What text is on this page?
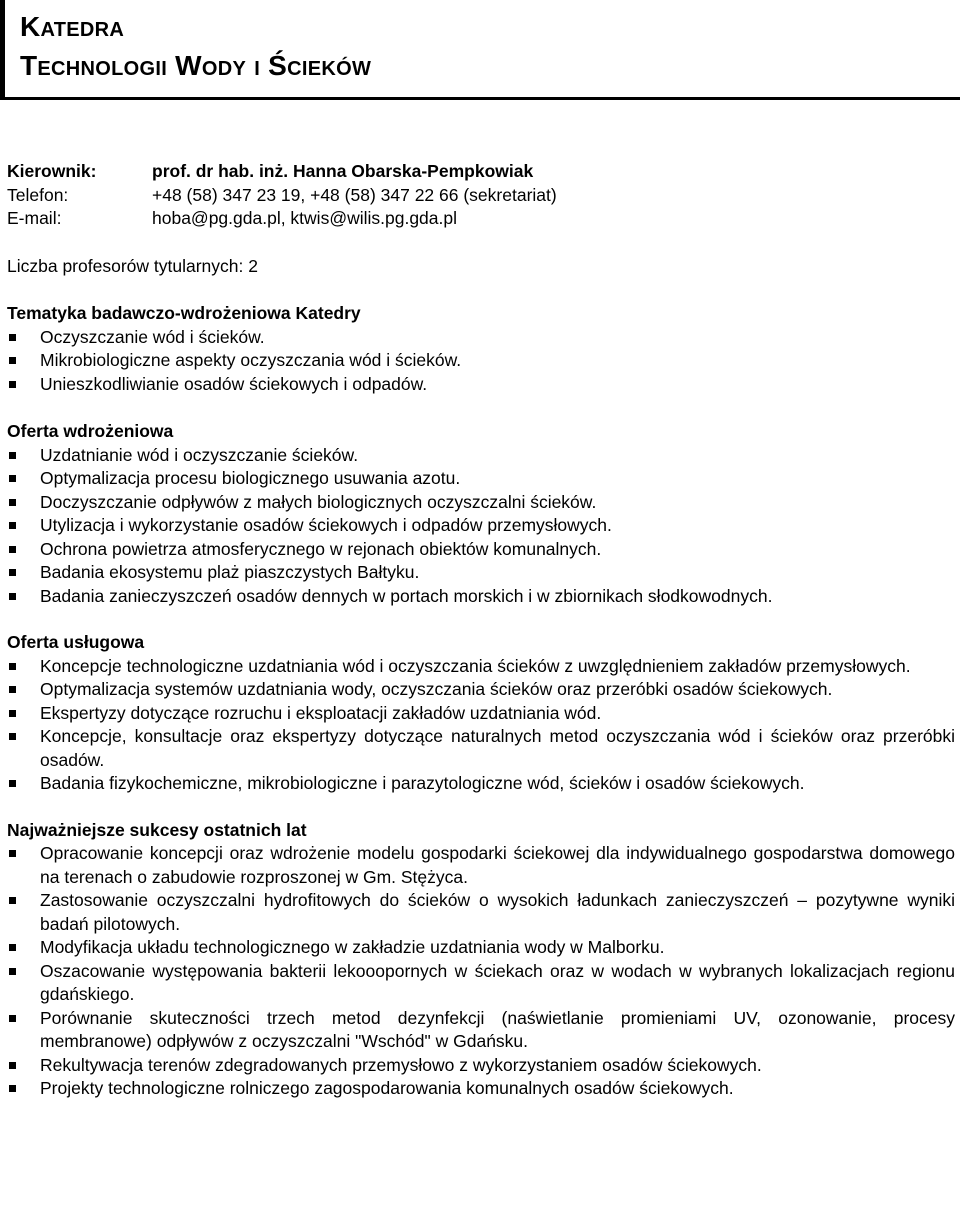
Katedra
Technologii Wody i Ścieków
Kierownik:	prof. dr hab. inż. Hanna Obarska-Pempkowiak
Telefon:	+48 (58) 347 23 19, +48 (58) 347 22 66 (sekretariat)
E-mail:	hoba@pg.gda.pl, ktwis@wilis.pg.gda.pl
Liczba profesorów tytularnych: 2
Tematyka badawczo-wdrożeniowa Katedry
Oczyszczanie wód i ścieków.
Mikrobiologiczne aspekty oczyszczania wód i ścieków.
Unieszkodliwianie osadów ściekowych i odpadów.
Oferta wdrożeniowa
Uzdatnianie wód i oczyszczanie ścieków.
Optymalizacja procesu biologicznego usuwania azotu.
Doczyszczanie odpływów z małych biologicznych oczyszczalni ścieków.
Utylizacja i wykorzystanie osadów ściekowych i odpadów przemysłowych.
Ochrona powietrza atmosferycznego w rejonach obiektów komunalnych.
Badania ekosystemu plaż piaszczystych Bałtyku.
Badania zanieczyszczeń osadów dennych w portach morskich i w zbiornikach słodkowodnych.
Oferta usługowa
Koncepcje technologiczne uzdatniania wód i oczyszczania ścieków z uwzględnieniem zakładów przemysłowych.
Optymalizacja systemów uzdatniania wody, oczyszczania ścieków oraz przeróbki osadów ściekowych.
Ekspertyzy dotyczące rozruchu i eksploatacji zakładów uzdatniania wód.
Koncepcje, konsultacje oraz ekspertyzy dotyczące naturalnych metod oczyszczania wód i ścieków oraz przeróbki osadów.
Badania fizykochemiczne, mikrobiologiczne i parazytologiczne wód, ścieków i osadów ściekowych.
Najważniejsze sukcesy ostatnich lat
Opracowanie koncepcji oraz wdrożenie modelu gospodarki ściekowej dla indywidualnego gospodarstwa domowego na terenach o zabudowie rozproszonej w Gm. Stężyca.
Zastosowanie oczyszczalni hydrofitowych do ścieków o wysokich ładunkach zanieczyszczeń – pozytywne wyniki badań pilotowych.
Modyfikacja układu technologicznego w zakładzie uzdatniania wody w Malborku.
Oszacowanie występowania bakterii lekooopornych w ściekach oraz w wodach w wybranych lokalizacjach regionu gdańskiego.
Porównanie skuteczności trzech metod dezynfekcji (naświetlanie promieniami UV, ozonowanie, procesy membranowe) odpływów z oczyszczalni "Wschód" w Gdańsku.
Rekultywacja terenów zdegradowanych przemysłowo z wykorzystaniem osadów ściekowych.
Projekty technologiczne rolniczego zagospodarowania komunalnych osadów ściekowych.
